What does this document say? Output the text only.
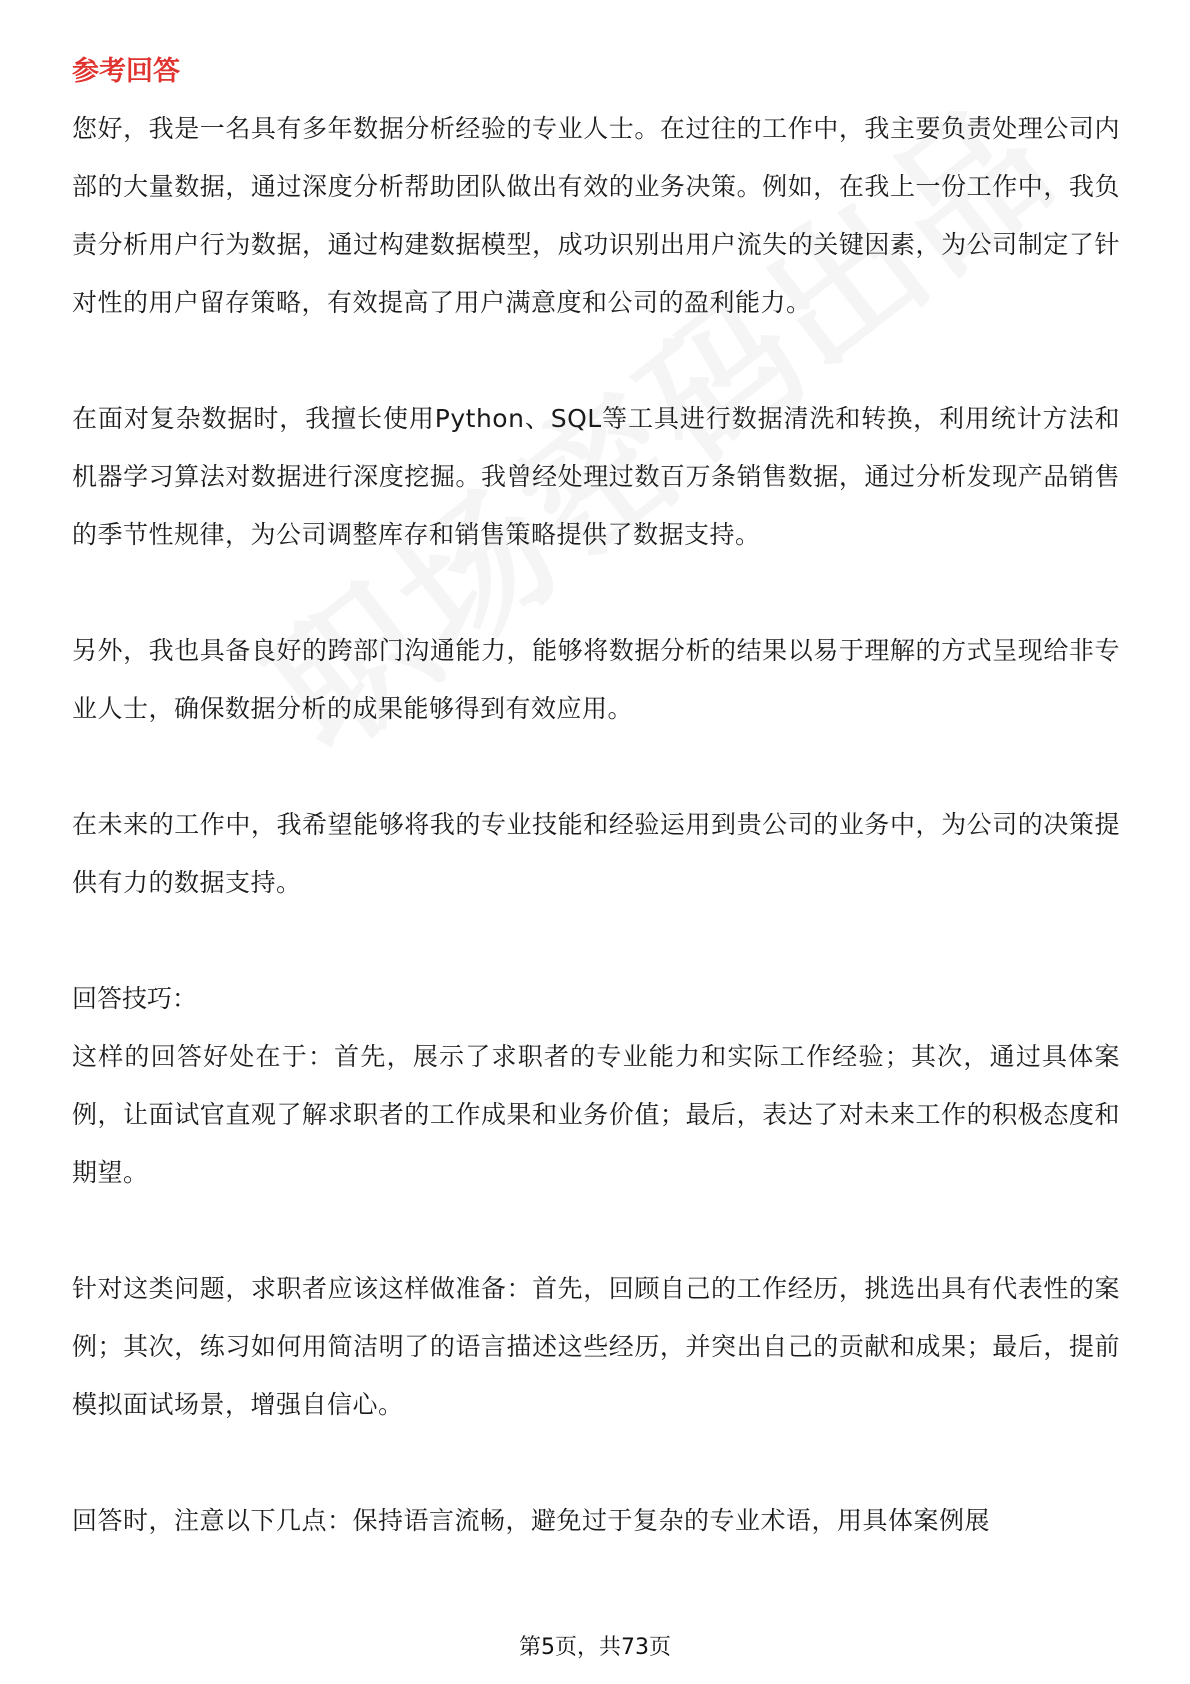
参考回答

您好，我是一名具有多年数据分析经验的专业人士。在过往的工作中，我主要负责处理公司内部的大量数据，通过深度分析帮助团队做出有效的业务决策。例如，在我上一份工作中，我负责分析用户行为数据，通过构建数据模型，成功识别出用户流失的关键因素，为公司制定了针对性的用户留存策略，有效提高了用户满意度和公司的盈利能力。

在面对复杂数据时，我擅长使用Python、SQL等工具进行数据清洗和转换，利用统计方法和机器学习算法对数据进行深度挖掘。我曾经处理过数百万条销售数据，通过分析发现产品销售的季节性规律，为公司调整库存和销售策略提供了数据支持。

另外，我也具备良好的跨部门沟通能力，能够将数据分析的结果以易于理解的方式呈现给非专业人士，确保数据分析的成果能够得到有效应用。

在未来的工作中，我希望能够将我的专业技能和经验运用到贵公司的业务中，为公司的决策提供有力的数据支持。

回答技巧：

这样的回答好处在于：首先，展示了求职者的专业能力和实际工作经验；其次，通过具体案例，让面试官直观了解求职者的工作成果和业务价值；最后，表达了对未来工作的积极态度和期望。

针对这类问题，求职者应该这样做准备：首先，回顾自己的工作经历，挑选出具有代表性的案例；其次，练习如何用简洁明了的语言描述这些经历，并突出自己的贡献和成果；最后，提前模拟面试场景，增强自信心。

回答时，注意以下几点：保持语言流畅，避免过于复杂的专业术语，用具体案例展

第5页，共73页
